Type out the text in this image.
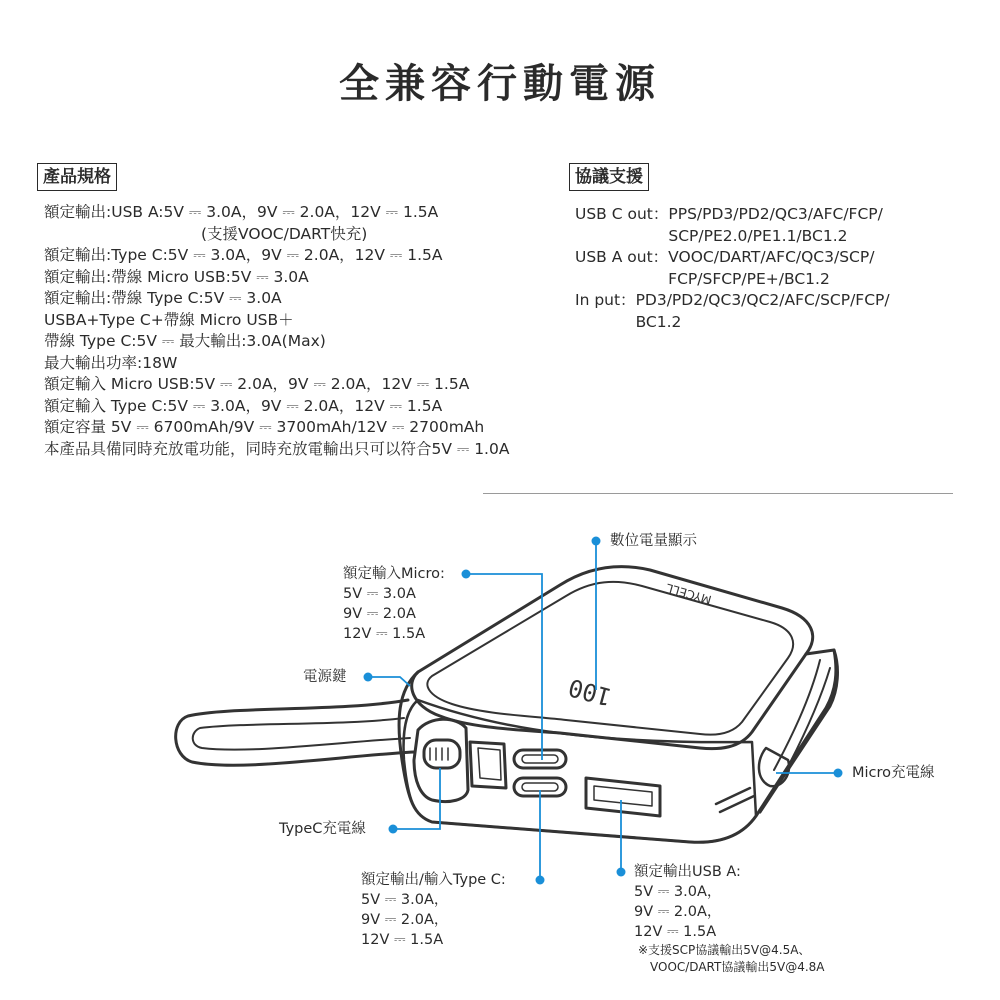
全兼容行動電源
產品規格	協議支援
額定輸出:USB A:5V ⎓ 3.0A，9V ⎓ 2.0A，12V ⎓ 1.5A
(支援VOOC/DART快充)
額定輸出:Type C:5V ⎓ 3.0A，9V ⎓ 2.0A，12V ⎓ 1.5A
額定輸出:帶線 Micro USB:5V ⎓ 3.0A
額定輸出:帶線 Type C:5V ⎓ 3.0A
USBA+Type C+帶線 Micro USB＋
帶線 Type C:5V ⎓ 最大輸出:3.0A(Max)
最大輸出功率:18W
額定輸入 Micro USB:5V ⎓ 2.0A，9V ⎓ 2.0A，12V ⎓ 1.5A
額定輸入 Type C:5V ⎓ 3.0A，9V ⎓ 2.0A，12V ⎓ 1.5A
額定容量 5V ⎓ 6700mAh/9V ⎓ 3700mAh/12V ⎓ 2700mAh
本產品具備同時充放電功能，同時充放電輸出只可以符合5V ⎓ 1.0A
USB C out： PPS/PD3/PD2/QC3/AFC/FCP/
SCP/PE2.0/PE1.1/BC1.2
USB A out： VOOC/DART/AFC/QC3/SCP/
FCP/SFCP/PE+/BC1.2
In put： PD3/PD2/QC3/QC2/AFC/SCP/FCP/
BC1.2
100
MYCELL
數位電量顯示
額定輸入Micro:
5V ⎓ 3.0A
9V ⎓ 2.0A
12V ⎓ 1.5A
電源鍵
Micro充電線
TypeC充電線
額定輸出/輸入Type C:
5V ⎓ 3.0A，
9V ⎓ 2.0A，
12V ⎓ 1.5A
額定輸出USB A:
5V ⎓ 3.0A，
9V ⎓ 2.0A，
12V ⎓ 1.5A
※支援SCP協議輸出5V@4.5A、
VOOC/DART協議輸出5V@4.8A
